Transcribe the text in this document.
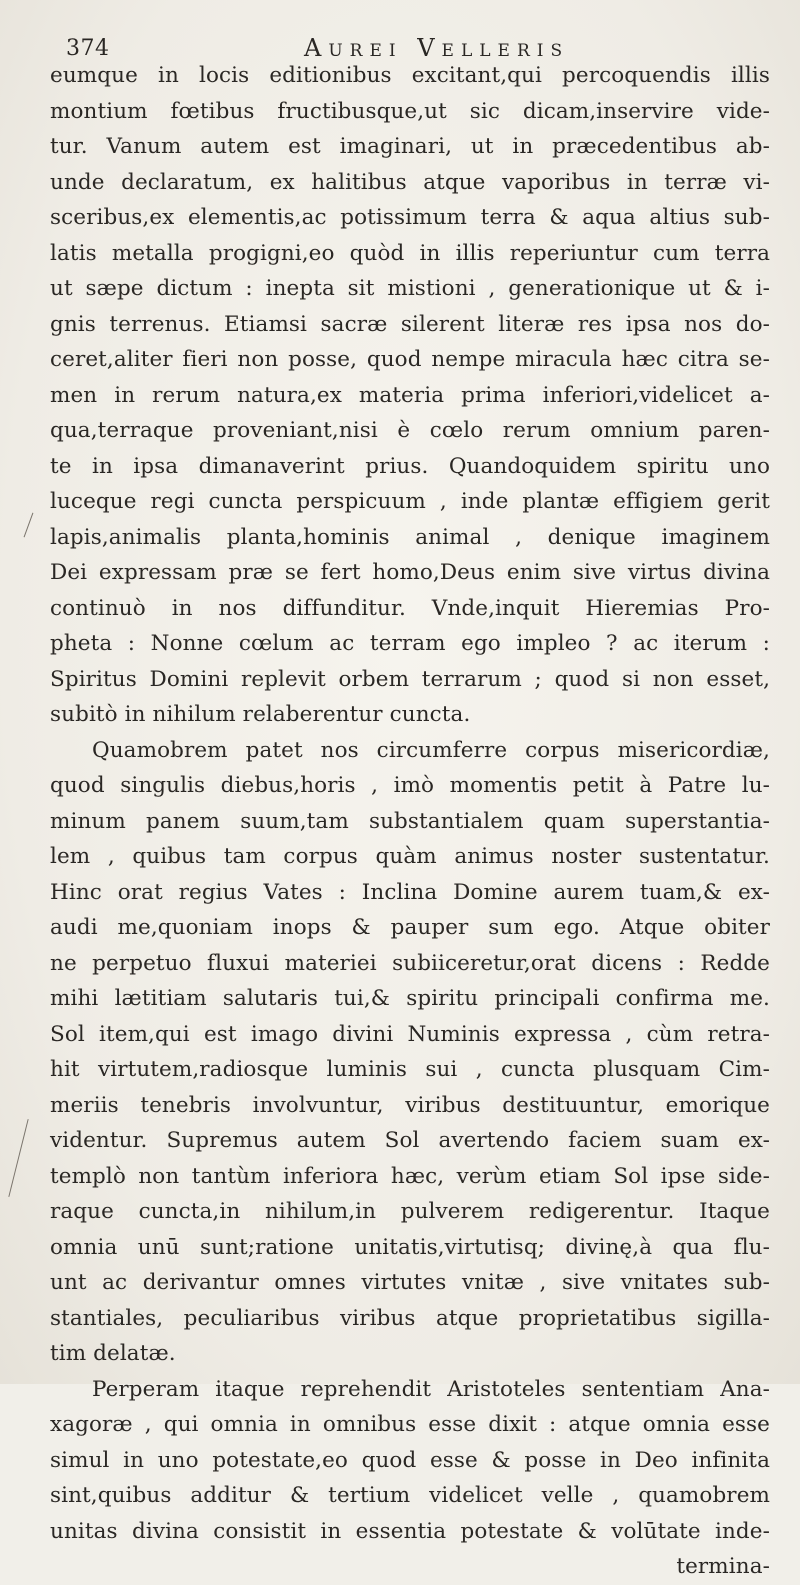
374	Aurei Velleris
eumque in locis editionibus excitant,qui percoquendis illis
montium fœtibus fructibusque,ut sic dicam,inservire vide-
tur. Vanum autem est imaginari, ut in præcedentibus ab-
unde declaratum, ex halitibus atque vaporibus in terræ vi-
sceribus,ex elementis,ac potissimum terra & aqua altius sub-
latis metalla progigni,eo quòd in illis reperiuntur cum terra
ut sæpe dictum : inepta sit mistioni , generationique ut & i-
gnis terrenus. Etiamsi sacræ silerent literæ res ipsa nos do-
ceret,aliter fieri non posse, quod nempe miracula hæc citra se-
men in rerum natura,ex materia prima inferiori,videlicet a-
qua,terraque proveniant,nisi è cœlo rerum omnium paren-
te in ipsa dimanaverint prius. Quandoquidem spiritu uno
luceque regi cuncta perspicuum , inde plantæ effigiem gerit
lapis,animalis planta,hominis animal , denique imaginem
Dei expressam præ se fert homo,Deus enim sive virtus divina
continuò in nos diffunditur. Vnde,inquit Hieremias Pro-
pheta : Nonne cœlum ac terram ego impleo ? ac iterum :
Spiritus Domini replevit orbem terrarum ; quod si non esset,
subitò in nihilum relaberentur cuncta.
Quamobrem patet nos circumferre corpus misericordiæ,
quod singulis diebus,horis , imò momentis petit à Patre lu-
minum panem suum,tam substantialem quam superstantia-
lem , quibus tam corpus quàm animus noster sustentatur.
Hinc orat regius Vates : Inclina Domine aurem tuam,& ex-
audi me,quoniam inops & pauper sum ego. Atque obiter
ne perpetuo fluxui materiei subiiceretur,orat dicens : Redde
mihi lætitiam salutaris tui,& spiritu principali confirma me.
Sol item,qui est imago divini Numinis expressa , cùm retra-
hit virtutem,radiosque luminis sui , cuncta plusquam Cim-
meriis tenebris involvuntur, viribus destituuntur, emorique
videntur. Supremus autem Sol avertendo faciem suam ex-
templò non tantùm inferiora hæc, verùm etiam Sol ipse side-
raque cuncta,in nihilum,in pulverem redigerentur. Itaque
omnia unū sunt;ratione unitatis,virtutisq; divinę,à qua flu-
unt ac derivantur omnes virtutes vnitæ , sive vnitates sub-
stantiales, peculiaribus viribus atque proprietatibus sigilla-
tim delatæ.
Perperam itaque reprehendit Aristoteles sententiam Ana-
xagoræ , qui omnia in omnibus esse dixit : atque omnia esse
simul in uno potestate,eo quod esse & posse in Deo infinita
sint,quibus additur & tertium videlicet velle , quamobrem
unitas divina consistit in essentia potestate & volūtate inde-
termina-
